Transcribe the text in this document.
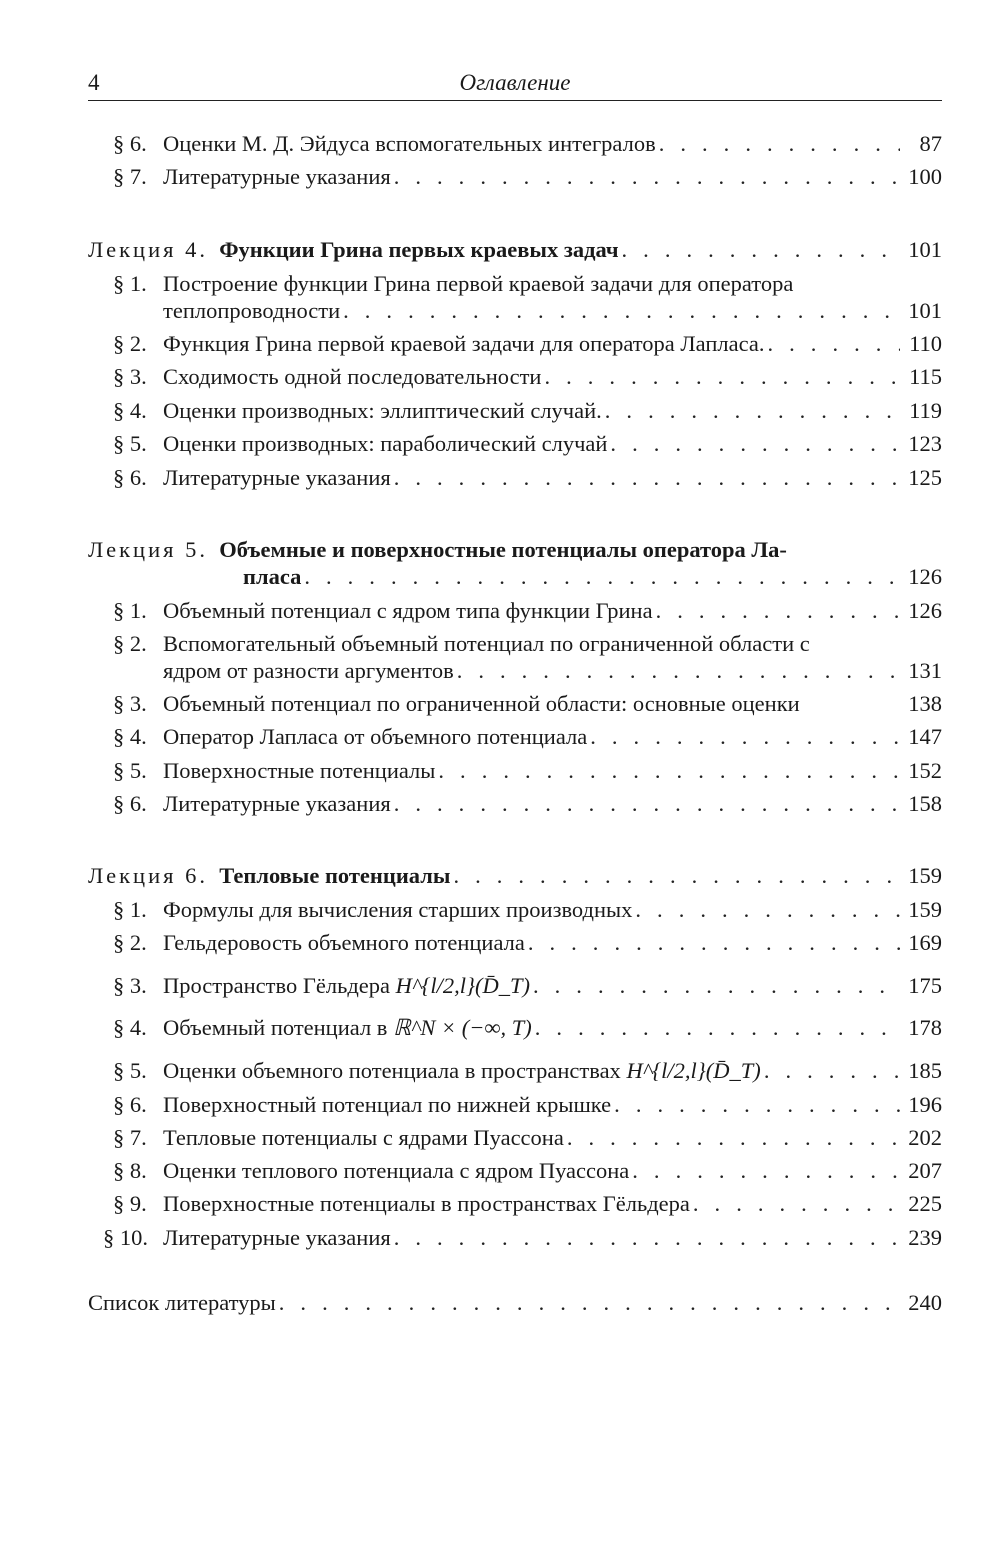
4	Оглавление
§ 6. Оценки М. Д. Эйдуса вспомогательных интегралов . . .	87
§ 7. Литературные указания . . .	100
Лекция 4. Функции Грина первых краевых задач . . .	101
§ 1. Построение функции Грина первой краевой задачи для оператора
теплопроводности . . .	101
§ 2. Функция Грина первой краевой задачи для оператора Лапласа. . . .	110
§ 3. Сходимость одной последовательности . . .	115
§ 4. Оценки производных: эллиптический случай. . . .	119
§ 5. Оценки производных: параболический случай . . .	123
§ 6. Литературные указания . . .	125
Лекция 5. Объемные и поверхностные потенциалы оператора Ла-
пласа . . .	126
§ 1. Объемный потенциал с ядром типа функции Грина . . .	126
§ 2. Вспомогательный объемный потенциал по ограниченной области с
ядром от разности аргументов . . .	131
§ 3. Объемный потенциал по ограниченной области: основные оценки	138
§ 4. Оператор Лапласа от объемного потенциала . . .	147
§ 5. Поверхностные потенциалы . . .	152
§ 6. Литературные указания . . .	158
Лекция 6. Тепловые потенциалы . . .	159
§ 1. Формулы для вычисления старших производных . . .	159
§ 2. Гельдеровость объемного потенциала . . .	169
§ 3. Пространство Гёльдера H^{l/2,l}(D̄_T) . . .	175
§ 4. Объемный потенциал в ℝ^N × (−∞, T) . . .	178
§ 5. Оценки объемного потенциала в пространствах H^{l/2,l}(D̄_T) . . .	185
§ 6. Поверхностный потенциал по нижней крышке . . .	196
§ 7. Тепловые потенциалы с ядрами Пуассона . . .	202
§ 8. Оценки теплового потенциала с ядром Пуассона . . .	207
§ 9. Поверхностные потенциалы в пространствах Гёльдера . . .	225
§ 10. Литературные указания . . .	239
Список литературы . . .	240
